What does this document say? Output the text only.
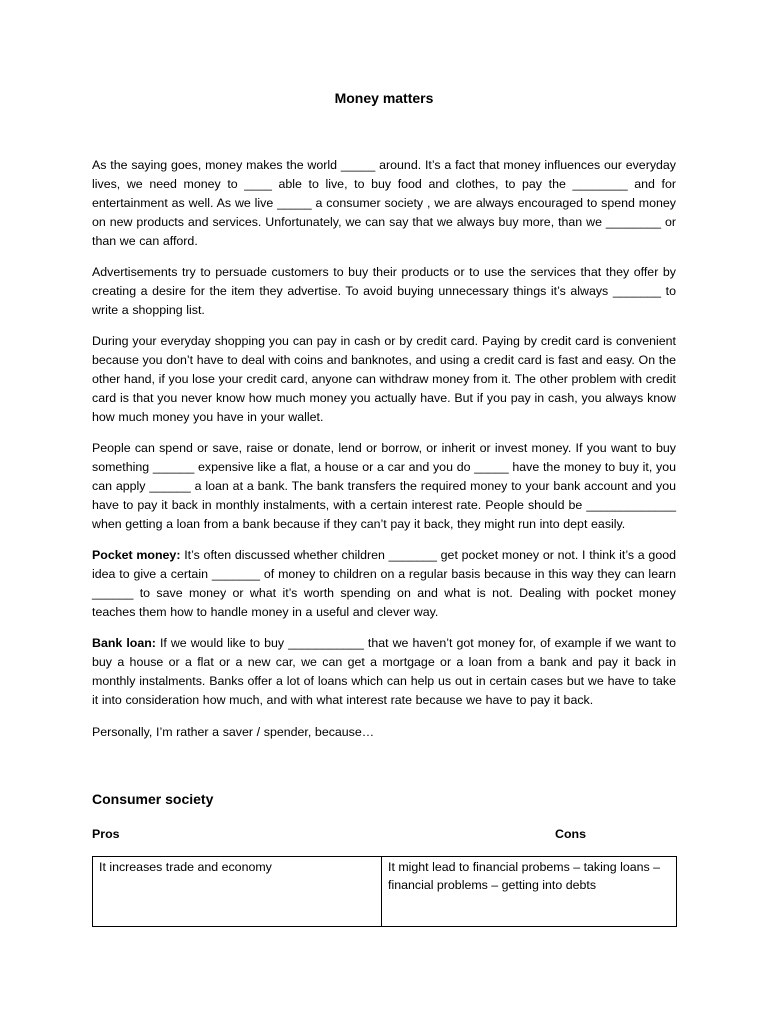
Money matters

As the saying goes, money makes the world _____ around. It’s a fact that money influences our everyday lives, we need money to ____ able to live, to buy food and clothes, to pay the ________ and for entertainment as well. As we live _____ a consumer society , we are always encouraged to spend money on new products and services. Unfortunately, we can say that we always buy more, than we ________ or than we can afford.

Advertisements try to persuade customers to buy their products or to use the services that they offer by creating a desire for the item they advertise. To avoid buying unnecessary things it’s always _______ to write a shopping list.

During your everyday shopping you can pay in cash or by credit card. Paying by credit card is convenient because you don’t have to deal with coins and banknotes, and using a credit card is fast and easy. On the other hand, if you lose your credit card, anyone can withdraw money from it. The other problem with credit card is that you never know how much money you actually have. But if you pay in cash, you always know how much money you have in your wallet.

People can spend or save, raise or donate, lend or borrow, or inherit or invest money. If you want to buy something ______ expensive like a flat, a house or a car and you do _____ have the money to buy it, you can apply ______ a loan at a bank. The bank transfers the required money to your bank account and you have to pay it back in monthly instalments, with a certain interest rate. People should be _____________ when getting a loan from a bank because if they can’t pay it back, they might run into dept easily.

Pocket money: It’s often discussed whether children _______ get pocket money or not. I think it’s a good idea to give a certain _______ of money to children on a regular basis because in this way they can learn ______ to save money or what it’s worth spending on and what is not. Dealing with pocket money teaches them how to handle money in a useful and clever way.

Bank loan: If we would like to buy ___________ that we haven’t got money for, of example if we want to buy a house or a flat or a new car, we can get a mortgage or a loan from a bank and pay it back in monthly instalments. Banks offer a lot of loans which can help us out in certain cases but we have to take it into consideration how much, and with what interest rate because we have to pay it back.

Personally, I’m rather a saver / spender, because…

Consumer society
Pros	Cons
It increases trade and economy	It might lead to financial probems – taking loans – financial problems – getting into debts
